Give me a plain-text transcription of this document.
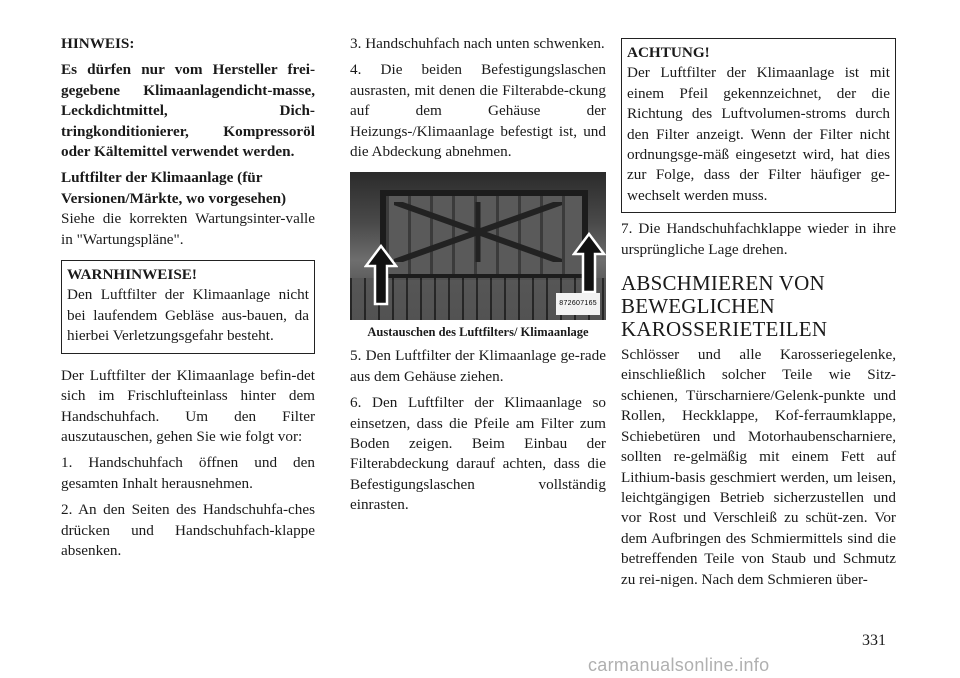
HINWEIS:

Es dürfen nur vom Hersteller frei-gegebene Klimaanlagendicht-masse, Leckdichtmittel, Dich-tringkonditionierer, Kompressoröl oder Kältemittel verwendet werden.

Luftfilter der Klimaanlage (für Versionen/Märkte, wo vorgesehen)

Siehe die korrekten Wartungsinter-valle in "Wartungspläne".

WARNHINWEISE!

Den Luftfilter der Klimaanlage nicht bei laufendem Gebläse aus-bauen, da hierbei Verletzungsgefahr besteht.

Der Luftfilter der Klimaanlage befin-det sich im Frischlufteinlass hinter dem Handschuhfach. Um den Filter auszutauschen, gehen Sie wie folgt vor:

1. Handschuhfach öffnen und den gesamten Inhalt herausnehmen.

2. An den Seiten des Handschuhfa-ches drücken und Handschuhfach-klappe absenken.

3. Handschuhfach nach unten schwenken.

4. Die beiden Befestigungslaschen ausrasten, mit denen die Filterabde-ckung auf dem Gehäuse der Heizungs-/Klimaanlage befestigt ist, und die Abdeckung abnehmen.

872607165

Austauschen des Luftfilters/ Klimaanlage

5. Den Luftfilter der Klimaanlage ge-rade aus dem Gehäuse ziehen.

6. Den Luftfilter der Klimaanlage so einsetzen, dass die Pfeile am Filter zum Boden zeigen. Beim Einbau der Filterabdeckung darauf achten, dass die Befestigungslaschen vollständig einrasten.

ACHTUNG!

Der Luftfilter der Klimaanlage ist mit einem Pfeil gekennzeichnet, der die Richtung des Luftvolumen-stroms durch den Filter anzeigt. Wenn der Filter nicht ordnungsge-mäß eingesetzt wird, hat dies zur Folge, dass der Filter häufiger ge-wechselt werden muss.

7. Die Handschuhfachklappe wieder in ihre ursprüngliche Lage drehen.

ABSCHMIEREN VON BEWEGLICHEN KAROSSERIETEILEN

Schlösser und alle Karosseriegelenke, einschließlich solcher Teile wie Sitz-schienen, Türscharniere/Gelenk-punkte und Rollen, Heckklappe, Kof-ferraumklappe, Schiebetüren und Motorhaubenscharniere, sollten re-gelmäßig mit einem Fett auf Lithium-basis geschmiert werden, um leisen, leichtgängigen Betrieb sicherzustellen und vor Rost und Verschleiß zu schüt-zen. Vor dem Aufbringen des Schmiermittels sind die betreffenden Teile von Staub und Schmutz zu rei-nigen. Nach dem Schmieren über-

331
carmanualsonline.info
